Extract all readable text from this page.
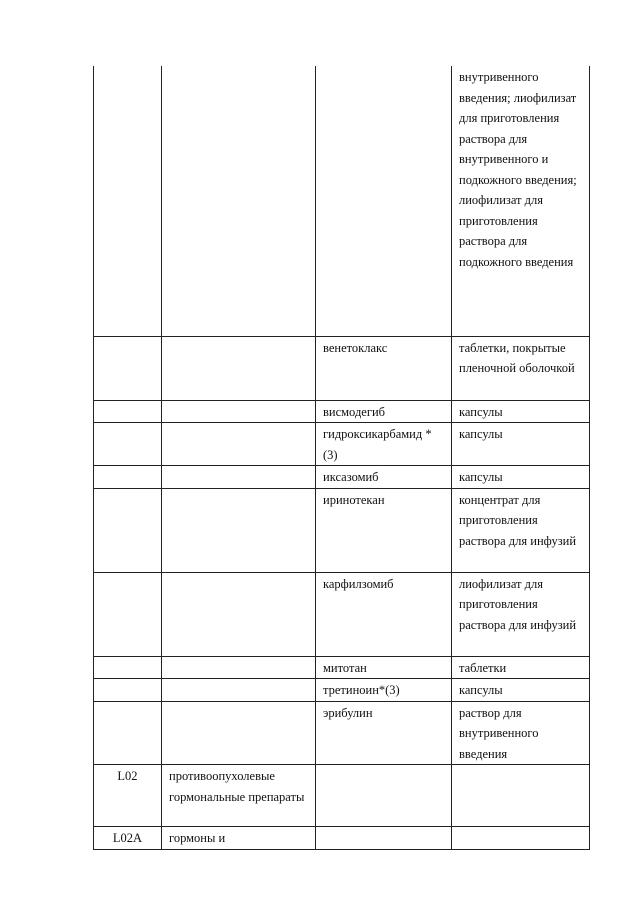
			внутривенного введения; лиофилизат для приготовления раствора для внутривенного и подкожного введения; лиофилизат для приготовления раствора для подкожного введения

		венетоклакс	таблетки, покрытые пленочной оболочкой

		висмодегиб	капсулы

		гидроксикарбамид *(3)	капсулы

		иксазомиб	капсулы

		иринотекан	концентрат для приготовления раствора для инфузий

		карфилзомиб	лиофилизат для приготовления раствора для инфузий

		митотан	таблетки

		третиноин*(3)	капсулы

		эрибулин	раствор для внутривенного введения

L02	противоопухолевые гормональные препараты		

L02A	гормоны и		
